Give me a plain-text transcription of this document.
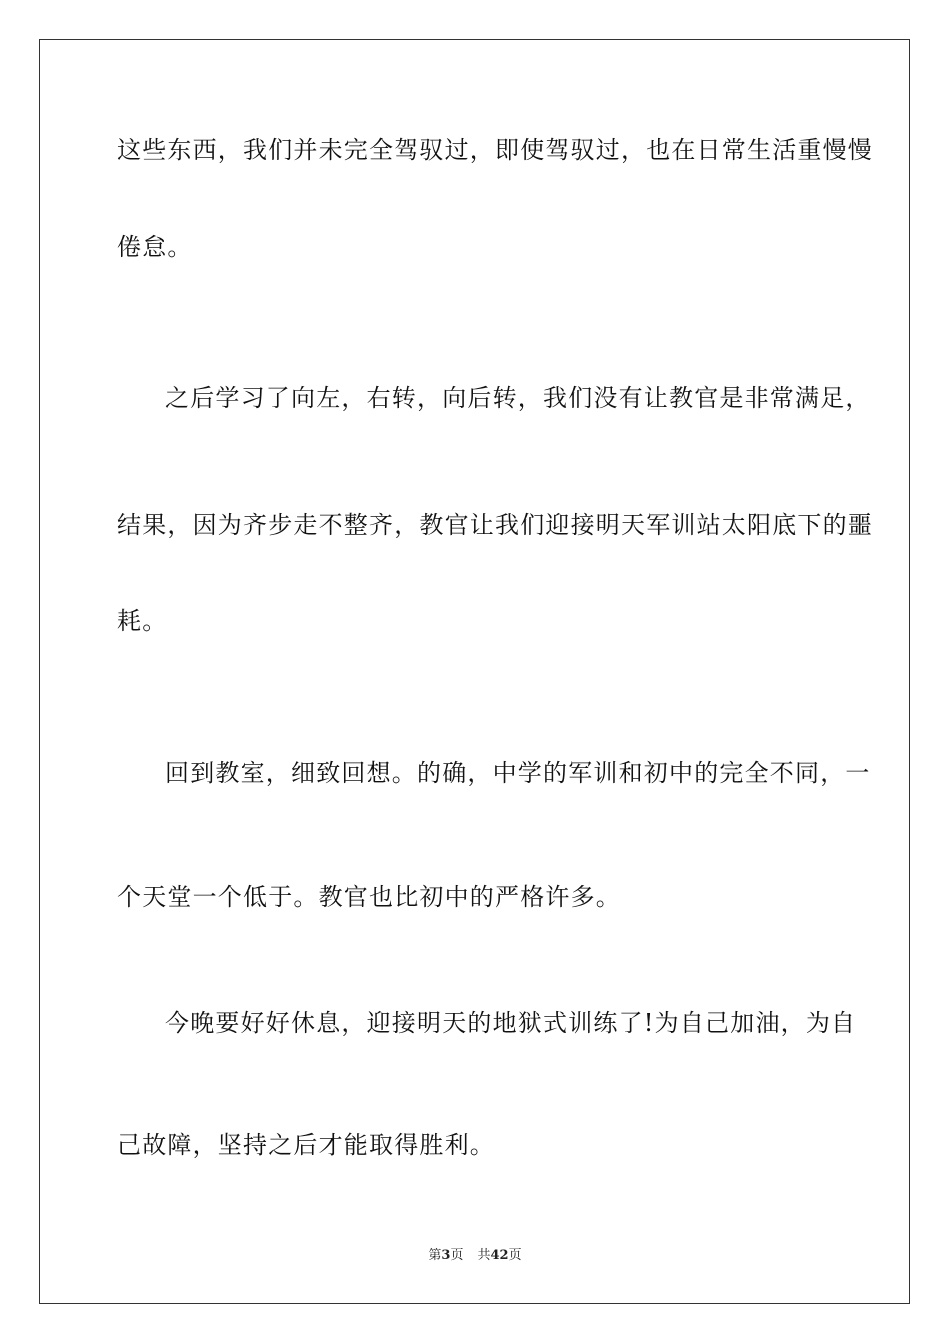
这些东西，我们并未完全驾驭过，即使驾驭过，也在日常生活重慢慢
倦怠。
之后学习了向左，右转，向后转，我们没有让教官是非常满足，
结果，因为齐步走不整齐，教官让我们迎接明天军训站太阳底下的噩
耗。
回到教室，细致回想。的确，中学的军训和初中的完全不同，一
个天堂一个低于。教官也比初中的严格许多。
今晚要好好休息，迎接明天的地狱式训练了!为自己加油，为自
己故障，坚持之后才能取得胜利。
第3页 共42页
